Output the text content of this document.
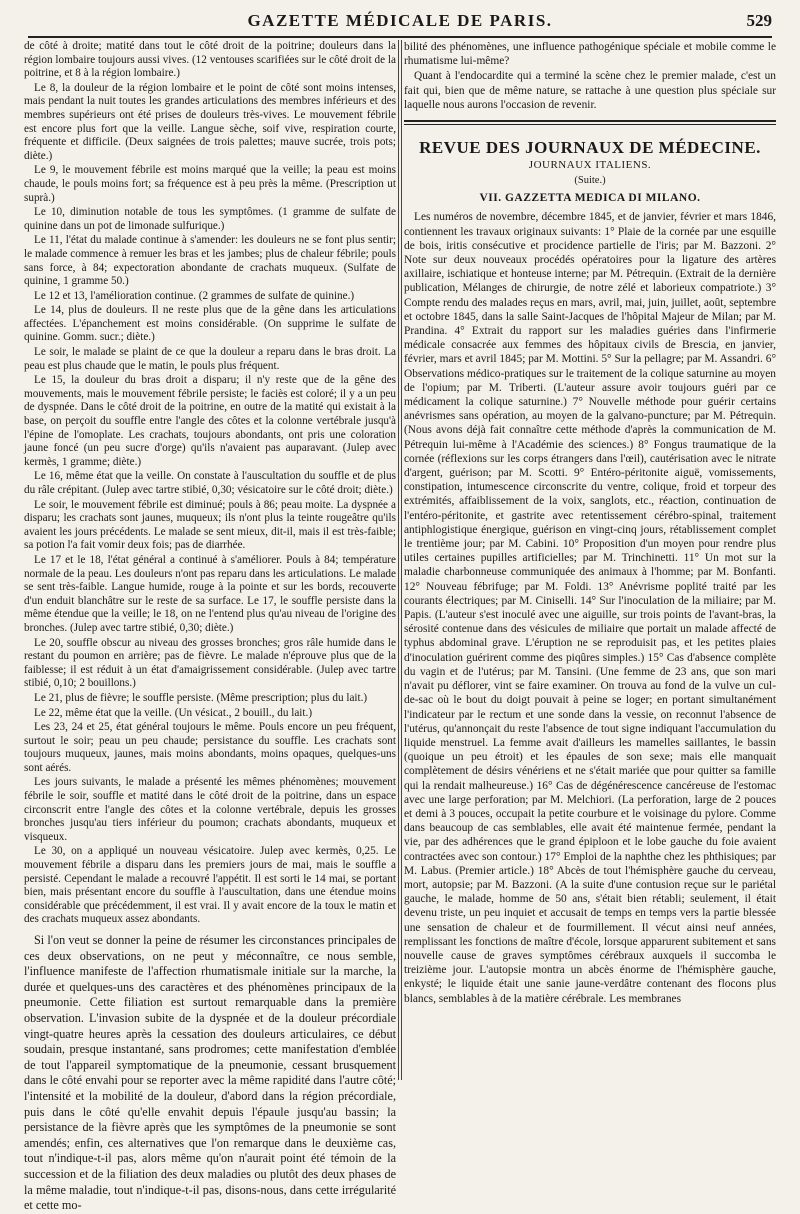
GAZETTE MÉDICALE DE PARIS.	529

de côté à droite; matité dans tout le côté droit de la poitrine; douleurs dans la région lombaire toujours aussi vives. (12 ventouses scarifiées sur le côté droit de la poitrine, et 8 à la région lombaire.)

Le 8, la douleur de la région lombaire et le point de côté sont moins intenses, mais pendant la nuit toutes les grandes articulations des membres inférieurs et des membres supérieurs ont été prises de douleurs très-vives. Le mouvement fébrile est encore plus fort que la veille. Langue sèche, soif vive, respiration courte, fréquente et difficile. (Deux saignées de trois palettes; mauve sucrée, trois pots; diète.)

Le 9, le mouvement fébrile est moins marqué que la veille; la peau est moins chaude, le pouls moins fort; sa fréquence est à peu près la même. (Prescription ut suprà.)

Le 10, diminution notable de tous les symptômes. (1 gramme de sulfate de quinine dans un pot de limonade sulfurique.)

Le 11, l'état du malade continue à s'amender: les douleurs ne se font plus sentir; le malade commence à remuer les bras et les jambes; plus de chaleur fébrile; pouls sans force, à 84; expectoration abondante de crachats muqueux. (Sulfate de quinine, 1 gramme 50.)

Le 12 et 13, l'amélioration continue. (2 grammes de sulfate de quinine.)

Le 14, plus de douleurs. Il ne reste plus que de la gêne dans les articulations affectées. L'épanchement est moins considérable. (On supprime le sulfate de quinine. Gomm. sucr.; diète.)

Le soir, le malade se plaint de ce que la douleur a reparu dans le bras droit. La peau est plus chaude que le matin, le pouls plus fréquent.

Le 15, la douleur du bras droit a disparu; il n'y reste que de la gêne des mouvements, mais le mouvement fébrile persiste; le faciès est coloré; il y a un peu de dyspnée. Dans le côté droit de la poitrine, en outre de la matité qui existait à la base, on perçoit du souffle entre l'angle des côtes et la colonne vertébrale jusqu'à l'épine de l'omoplate. Les crachats, toujours abondants, ont pris une coloration jaune foncé (un peu sucre d'orge) qu'ils n'avaient pas auparavant. (Julep avec kermès, 1 gramme; diète.)

Le 16, même état que la veille. On constate à l'auscultation du souffle et de plus du râle crépitant. (Julep avec tartre stibié, 0,30; vésicatoire sur le côté droit; diète.)

Le soir, le mouvement fébrile est diminué; pouls à 86; peau moite. La dyspnée a disparu; les crachats sont jaunes, muqueux; ils n'ont plus la teinte rougeâtre qu'ils avaient les jours précédents. Le malade se sent mieux, dit-il, mais il est très-faible; sa potion l'a fait vomir deux fois; pas de diarrhée.

Le 17 et le 18, l'état général a continué à s'améliorer. Pouls à 84; température normale de la peau. Les douleurs n'ont pas reparu dans les articulations. Le malade se sent très-faible. Langue humide, rouge à la pointe et sur les bords, recouverte d'un enduit blanchâtre sur le reste de sa surface. Le 17, le souffle persiste dans la même étendue que la veille; le 18, on ne l'entend plus qu'au niveau de l'origine des bronches. (Julep avec tartre stibié, 0,30; diète.)

Le 20, souffle obscur au niveau des grosses bronches; gros râle humide dans le restant du poumon en arrière; pas de fièvre. Le malade n'éprouve plus que de la faiblesse; il est réduit à un état d'amaigrissement considérable. (Julep avec tartre stibié, 0,10; 2 bouillons.)

Le 21, plus de fièvre; le souffle persiste. (Même prescription; plus du lait.)

Le 22, même état que la veille. (Un vésicat., 2 bouill., du lait.)

Les 23, 24 et 25, état général toujours le même. Pouls encore un peu fréquent, surtout le soir; peau un peu chaude; persistance du souffle. Les crachats sont toujours muqueux, jaunes, mais moins abondants, moins opaques, quelques-uns sont aérés.

Les jours suivants, le malade a présenté les mêmes phénomènes; mouvement fébrile le soir, souffle et matité dans le côté droit de la poitrine, dans un espace circonscrit entre l'angle des côtes et la colonne vertébrale, depuis les grosses bronches jusqu'au tiers inférieur du poumon; crachats abondants, muqueux et visqueux.

Le 30, on a appliqué un nouveau vésicatoire. Julep avec kermès, 0,25. Le mouvement fébrile a disparu dans les premiers jours de mai, mais le souffle a persisté. Cependant le malade a recouvré l'appétit. Il est sorti le 14 mai, se portant bien, mais présentant encore du souffle à l'auscultation, dans une étendue moins considérable que précédemment, il est vrai. Il y avait encore de la toux le matin et des crachats muqueux assez abondants.

Si l'on veut se donner la peine de résumer les circonstances principales de ces deux observations, on ne peut y méconnaître, ce nous semble, l'influence manifeste de l'affection rhumatismale initiale sur la marche, la durée et quelques-uns des caractères et des phénomènes principaux de la pneumonie. Cette filiation est surtout remarquable dans la première observation. L'invasion subite de la dyspnée et de la douleur précordiale vingt-quatre heures après la cessation des douleurs articulaires, ce début soudain, presque instantané, sans prodromes; cette manifestation d'emblée de tout l'appareil symptomatique de la pneumonie, cessant brusquement dans le côté envahi pour se reporter avec la même rapidité dans l'autre côté; l'intensité et la mobilité de la douleur, d'abord dans la région précordiale, puis dans le côté qu'elle envahit depuis l'épaule jusqu'au bassin; la persistance de la fièvre après que les symptômes de la pneumonie se sont amendés; enfin, ces alternatives que l'on remarque dans le deuxième cas, tout n'indique-t-il pas, alors même qu'on n'aurait point été témoin de la succession et de la filiation des deux maladies ou plutôt des deux phases de la même maladie, tout n'indique-t-il pas, disons-nous, dans cette irrégularité et cette mo-

bilité des phénomènes, une influence pathogénique spéciale et mobile comme le rhumatisme lui-même?

Quant à l'endocardite qui a terminé la scène chez le premier malade, c'est un fait qui, bien que de même nature, se rattache à une question plus spéciale sur laquelle nous aurons l'occasion de revenir.

REVUE DES JOURNAUX DE MÉDECINE.
JOURNAUX ITALIENS.
(Suite.)
VII. GAZZETTA MEDICA DI MILANO.

Les numéros de novembre, décembre 1845, et de janvier, février et mars 1846, contiennent les travaux originaux suivants: 1° Plaie de la cornée par une esquille de bois, iritis consécutive et procidence partielle de l'iris; par M. Bazzoni. 2° Note sur deux nouveaux procédés opératoires pour la ligature des artères axillaire, ischiatique et honteuse interne; par M. Pétrequin. (Extrait de la dernière publication, Mélanges de chirurgie, de notre zélé et laborieux compatriote.) 3° Compte rendu des malades reçus en mars, avril, mai, juin, juillet, août, septembre et octobre 1845, dans la salle Saint-Jacques de l'hôpital Majeur de Milan; par M. Prandina. 4° Extrait du rapport sur les maladies guéries dans l'infirmerie médicale consacrée aux femmes des hôpitaux civils de Brescia, en janvier, février, mars et avril 1845; par M. Mottini. 5° Sur la pellagre; par M. Assandri. 6° Observations médico-pratiques sur le traitement de la colique saturnine au moyen de l'opium; par M. Triberti. (L'auteur assure avoir toujours guéri par ce médicament la colique saturnine.) 7° Nouvelle méthode pour guérir certains anévrismes sans opération, au moyen de la galvano-puncture; par M. Pétrequin. (Nous avons déjà fait connaître cette méthode d'après la communication de M. Pétrequin lui-même à l'Académie des sciences.) 8° Fongus traumatique de la cornée (réflexions sur les corps étrangers dans l'œil), cautérisation avec le nitrate d'argent, guérison; par M. Scotti. 9° Entéro-péritonite aiguë, vomissements, constipation, intumescence circonscrite du ventre, colique, froid et torpeur des extrémités, affaiblissement de la voix, sanglots, etc., réaction, continuation de l'entéro-péritonite, et gastrite avec retentissement cérébro-spinal, traitement antiphlogistique énergique, guérison en vingt-cinq jours, rétablissement complet le trentième jour; par M. Cabini. 10° Proposition d'un moyen pour rendre plus utiles certaines pupilles artificielles; par M. Trinchinetti. 11° Un mot sur la maladie charbonneuse communiquée des animaux à l'homme; par M. Bonfanti. 12° Nouveau fébrifuge; par M. Foldi. 13° Anévrisme poplité traité par les courants électriques; par M. Ciniselli. 14° Sur l'inoculation de la miliaire; par M. Papis. (L'auteur s'est inoculé avec une aiguille, sur trois points de l'avant-bras, la sérosité contenue dans des vésicules de miliaire que portait un malade affecté de typhus abdominal grave. L'éruption ne se reproduisit pas, et les petites plaies d'inoculation guérirent comme des piqûres simples.) 15° Cas d'absence complète du vagin et de l'utérus; par M. Tansini. (Une femme de 23 ans, que son mari n'avait pu déflorer, vint se faire examiner. On trouva au fond de la vulve un cul-de-sac où le bout du doigt pouvait à peine se loger; en portant simultanément l'indicateur par le rectum et une sonde dans la vessie, on reconnut l'absence de l'utérus, qu'annonçait du reste l'absence de tout signe indiquant l'accumulation du liquide menstruel. La femme avait d'ailleurs les mamelles saillantes, le bassin (quoique un peu étroit) et les épaules de son sexe; mais elle manquait complètement de désirs vénériens et ne s'était mariée que pour quitter sa famille qui la rendait malheureuse.) 16° Cas de dégénérescence cancéreuse de l'estomac avec une large perforation; par M. Melchiori. (La perforation, large de 2 pouces et demi à 3 pouces, occupait la petite courbure et le voisinage du pylore. Comme dans beaucoup de cas semblables, elle avait été maintenue fermée, pendant la vie, par des adhérences que le grand épiploon et le lobe gauche du foie avaient contractées avec son contour.) 17° Emploi de la naphthe chez les phthisiques; par M. Labus. (Premier article.) 18° Abcès de tout l'hémisphère gauche du cerveau, mort, autopsie; par M. Bazzoni. (A la suite d'une contusion reçue sur le pariétal gauche, le malade, homme de 50 ans, s'était bien rétabli; seulement, il était devenu triste, un peu inquiet et accusait de temps en temps vers la partie blessée une sensation de chaleur et de fourmillement. Il vécut ainsi neuf années, remplissant les fonctions de maître d'école, lorsque apparurent subitement et sans nouvelle cause de graves symptômes cérébraux auxquels il succomba le treizième jour. L'autopsie montra un abcès énorme de l'hémisphère gauche, enkysté; le liquide était une sanie jaune-verdâtre contenant des flocons plus blancs, semblables à de la matière cérébrale. Les membranes
